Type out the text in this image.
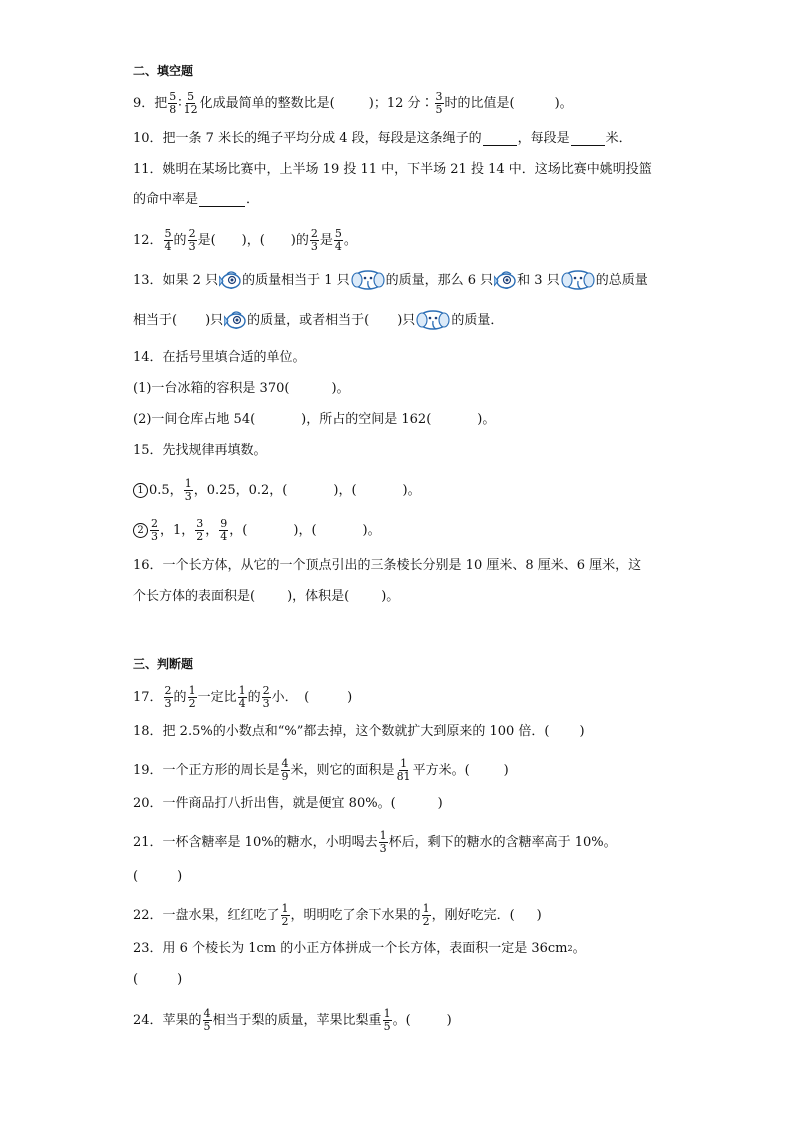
二、填空题
9．把 $\frac{5}{8}$ ∶ $\frac{5}{12}$ 化成最简单的整数比是(	)；12 分∶ $\frac{3}{5}$ 时的比值是(	)。
10．把一条 7 米长的绳子平均分成 4 段，每段是这条绳子的	，每段是	米．
11．姚明在某场比赛中，上半场 19 投 11 中，下半场 21 投 14 中．这场比赛中姚明投篮
的命中率是	．
12． $\frac{5}{4}$ 的 $\frac{2}{3}$ 是( )，( )的 $\frac{2}{3}$ 是 $\frac{5}{4}$ 。
13．如果 2 只 的质量相当于 1 只	的质量，那么 6 只 和 3 只	的总质量
相当于( )只 的质量，或者相当于( )只	的质量．
14．在括号里填合适的单位。
(1)一台冰箱的容积是 370(	)。
(2)一间仓库占地 54(	)，所占的空间是 162(	)。
15．先找规律再填数。
1 0.5， $\frac{1}{3}$ ，0.25，0.2，(	)，(	)。
$2 \frac{2}{3}$ ，1， $\frac{3}{2}$ ， $\frac{9}{4}$ ，(	)，(	)。
16．一个长方体，从它的一个顶点引出的三条棱长分别是 10 厘米、8 厘米、6 厘米，这
个长方体的表面积是( )，体积是( )。
三、判断题
17． $\frac{2}{3}$ 的 $\frac{1}{2}$ 一定比 $\frac{1}{4}$ 的 $\frac{2}{3}$ 小．　(	)
18．把 2.5%的小数点和“%”都去掉，这个数就扩大到原来的 100 倍．( )
19．一个正方形的周长是 $\frac{4}{9}$ 米，则它的面积是 $\frac{1}{81}$ 平方米。(	)
20．一件商品打八折出售，就是便宜 80%。(	)
21．一杯含糖率是 10%的糖水，小明喝去 $\frac{1}{3}$ 杯后，剩下的糖水的含糖率高于 10%。
(　　　)
22．一盘水果，红红吃了 $\frac{1}{2}$ ，明明吃了余下水果的 $\frac{1}{2}$ ，刚好吃完．( )
23．用 6 个棱长为 1cm 的小正方体拼成一个长方体，表面积一定是 36cm 2 。
(　　　)
24．苹果的 $\frac{4}{5}$ 相当于梨的质量，苹果比梨重 $\frac{1}{5}$ 。(	)
